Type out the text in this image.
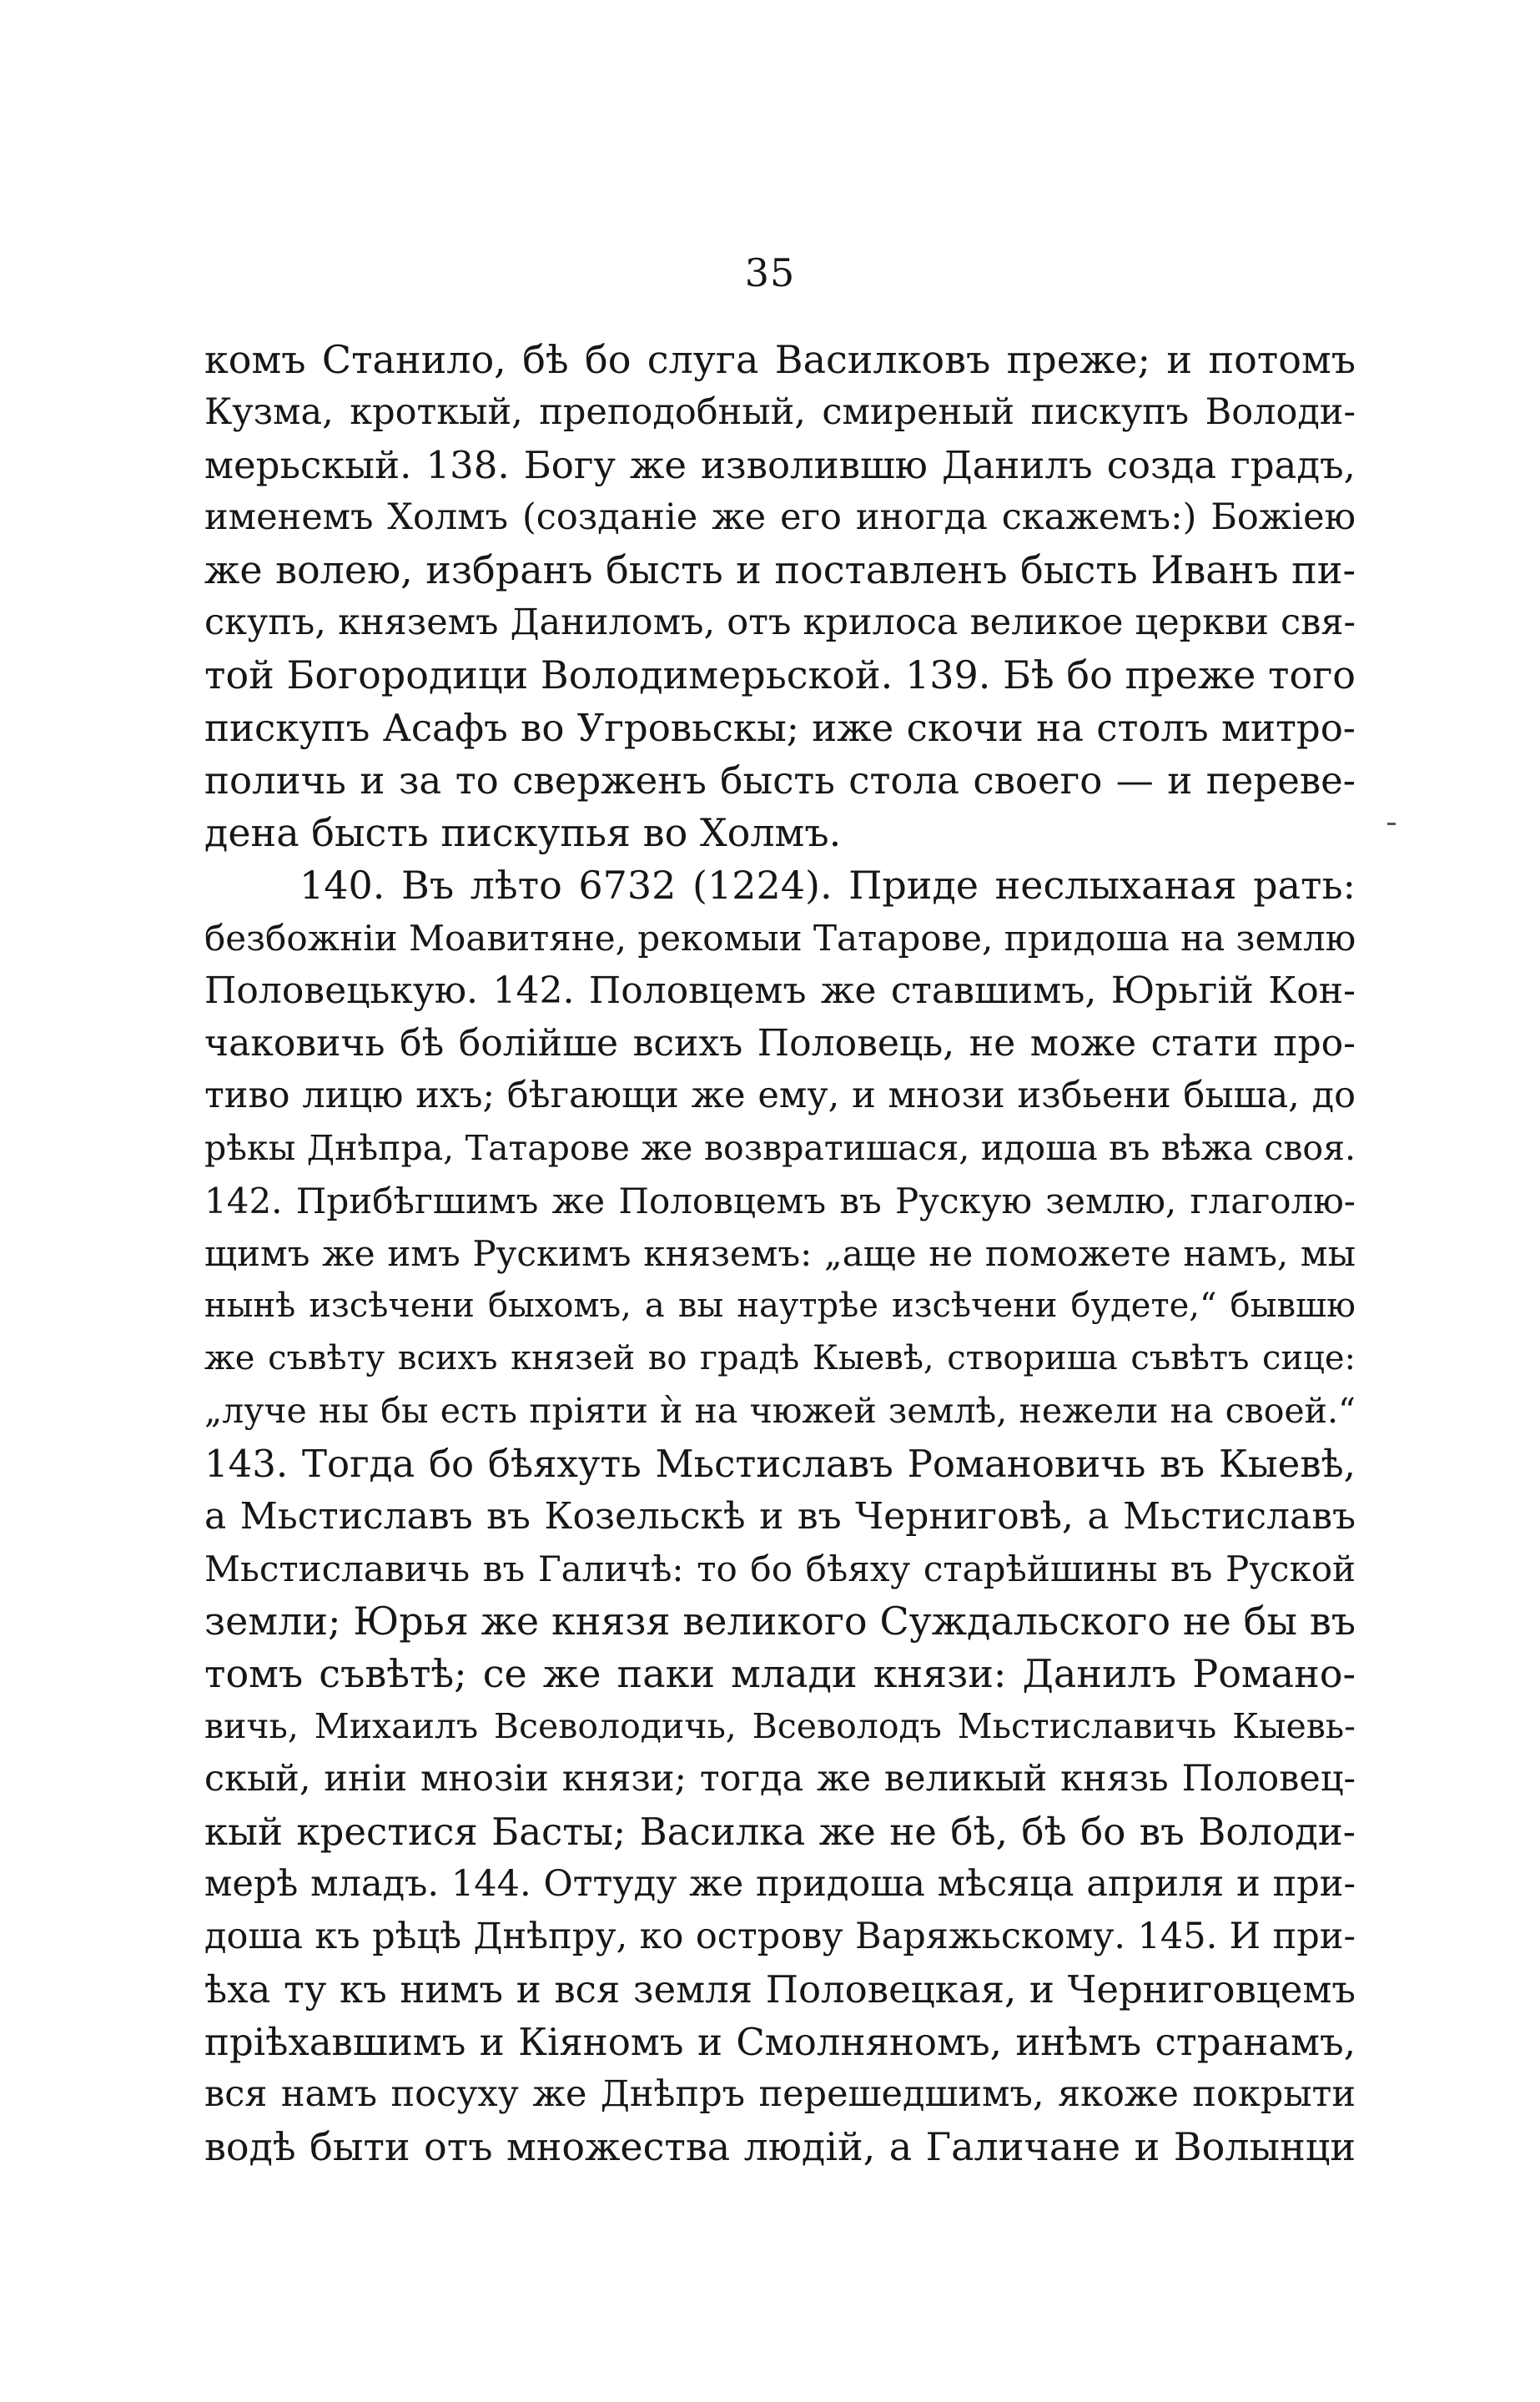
35
комъ Станило, бѣ бо слуга Василковъ преже; и потомъ
Кузма, кроткый, преподобный, смиреный пискупъ Володи-
мерьскый. 138. Богу же изволившю Данилъ созда градъ,
именемъ Холмъ (созданіе же его иногда скажемъ:) Божіею
же волею, избранъ бысть и поставленъ бысть Иванъ пи-
скупъ, княземъ Даниломъ, отъ крилоса великое церкви свя-
той Богородици Володимерьской. 139. Бѣ бо преже того
пискупъ Асафъ во Угровьскы; иже скочи на столъ митро-
поличь и за то сверженъ бысть стола своего — и переве-
дена бысть пискупья во Холмъ.
140. Въ лѣто 6732 (1224). Приде неслыханая рать:
безбожніи Моавитяне, рекомыи Татарове, придоша на землю
Половецькую. 142. Половцемъ же ставшимъ, Юрьгій Кон-
чаковичь бѣ болійше всихъ Половець, не може стати про-
тиво лицю ихъ; бѣгающи же ему, и мнози избьени быша, до
рѣкы Днѣпра, Татарове же возвратишася, идоша въ вѣжа своя.
142. Прибѣгшимъ же Половцемъ въ Рускую землю, глаголю-
щимъ же имъ Рускимъ княземъ: „аще не поможете намъ, мы
нынѣ изсѣчени быхомъ, а вы наутрѣе изсѣчени будете,“ бывшю
же съвѣту всихъ князей во градѣ Кыевѣ, створиша съвѣтъ сице:
„луче ны бы есть пріяти ѝ на чюжей землѣ, нежели на своей.“
143. Тогда бо бѣяхуть Мьстиславъ Романовичь въ Кыевѣ,
а Мьстиславъ въ Козельскѣ и въ Черниговѣ, а Мьстиславъ
Мьстиславичь въ Галичѣ: то бо бѣяху старѣйшины въ Руской
земли; Юрья же князя великого Суждальского не бы въ
томъ съвѣтѣ; се же паки млади князи: Данилъ Романо-
вичь, Михаилъ Всеволодичь, Всеволодъ Мьстиславичь Кыевь-
скый, иніи мнозіи князи; тогда же великый князь Половец-
кый крестися Басты; Василка же не бѣ, бѣ бо въ Володи-
мерѣ младъ. 144. Оттуду же придоша мѣсяца априля и при-
доша къ рѣцѣ Днѣпру, ко острову Варяжьскому. 145. И при-
ѣха ту къ нимъ и вся земля Половецкая, и Черниговцемъ
пріѣхавшимъ и Кіяномъ и Смолняномъ, инѣмъ странамъ,
вся намъ посуху же Днѣпръ перешедшимъ, якоже покрыти
водѣ быти отъ множества людій, а Галичане и Волынци
